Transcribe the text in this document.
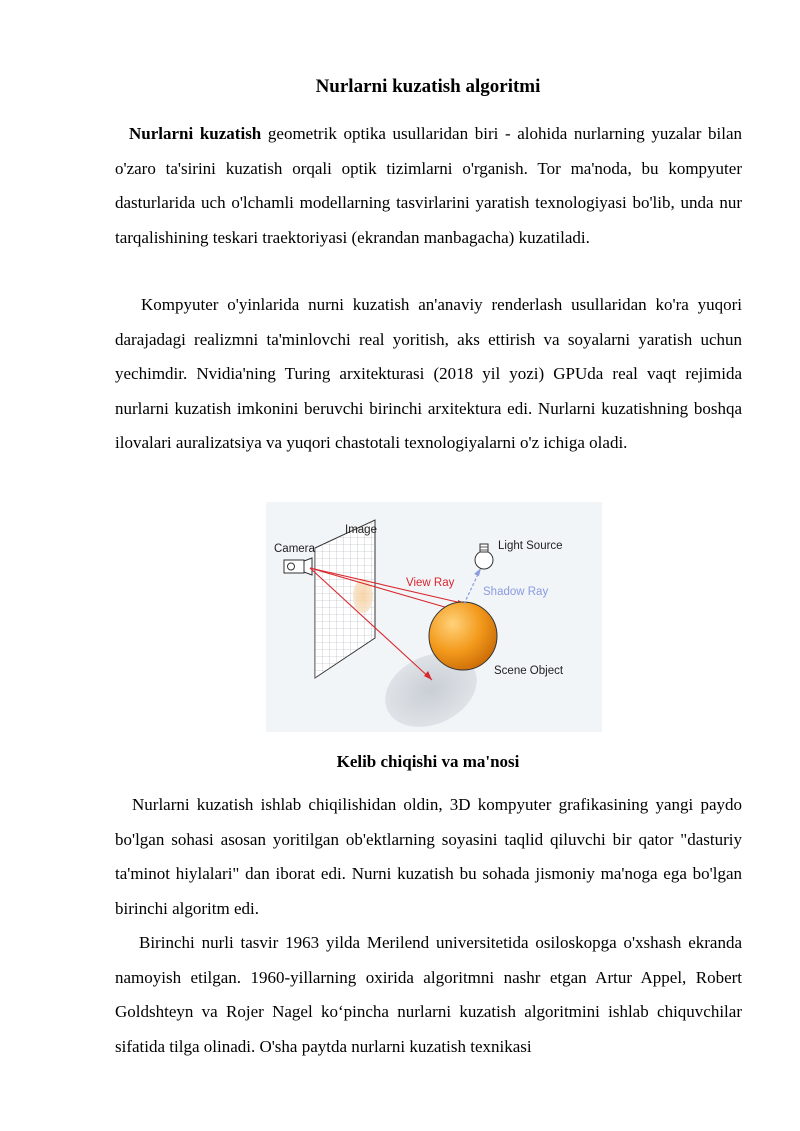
Nurlarni kuzatish algoritmi

Nurlarni kuzatish geometrik optika usullaridan biri - alohida nurlarning yuzalar bilan o'zaro ta'sirini kuzatish orqali optik tizimlarni o'rganish. Tor ma'noda, bu kompyuter dasturlarida uch o'lchamli modellarning tasvirlarini yaratish texnologiyasi bo'lib, unda nur tarqalishining teskari traektoriyasi (ekrandan manbagacha) kuzatiladi.

Kompyuter o'yinlarida nurni kuzatish an'anaviy renderlash usullaridan ko'ra yuqori darajadagi realizmni ta'minlovchi real yoritish, aks ettirish va soyalarni yaratish uchun yechimdir. Nvidia'ning Turing arxitekturasi (2018 yil yozi) GPUda real vaqt rejimida nurlarni kuzatish imkonini beruvchi birinchi arxitektura edi. Nurlarni kuzatishning boshqa ilovalari auralizatsiya va yuqori chastotali texnologiyalarni o'z ichiga oladi.

Camera
Image
Light Source
View Ray
Shadow Ray
Scene Object
Kelib chiqishi va ma'nosi

Nurlarni kuzatish ishlab chiqilishidan oldin, 3D kompyuter grafikasining yangi paydo bo'lgan sohasi asosan yoritilgan ob'ektlarning soyasini taqlid qiluvchi bir qator "dasturiy ta'minot hiylalari" dan iborat edi. Nurni kuzatish bu sohada jismoniy ma'noga ega bo'lgan birinchi algoritm edi.

Birinchi nurli tasvir 1963 yilda Merilend universitetida osiloskopga o'xshash ekranda namoyish etilgan. 1960-yillarning oxirida algoritmni nashr etgan Artur Appel, Robert Goldshteyn va Rojer Nagel ko‘pincha nurlarni kuzatish algoritmini ishlab chiquvchilar sifatida tilga olinadi. O'sha paytda nurlarni kuzatish texnikasi
